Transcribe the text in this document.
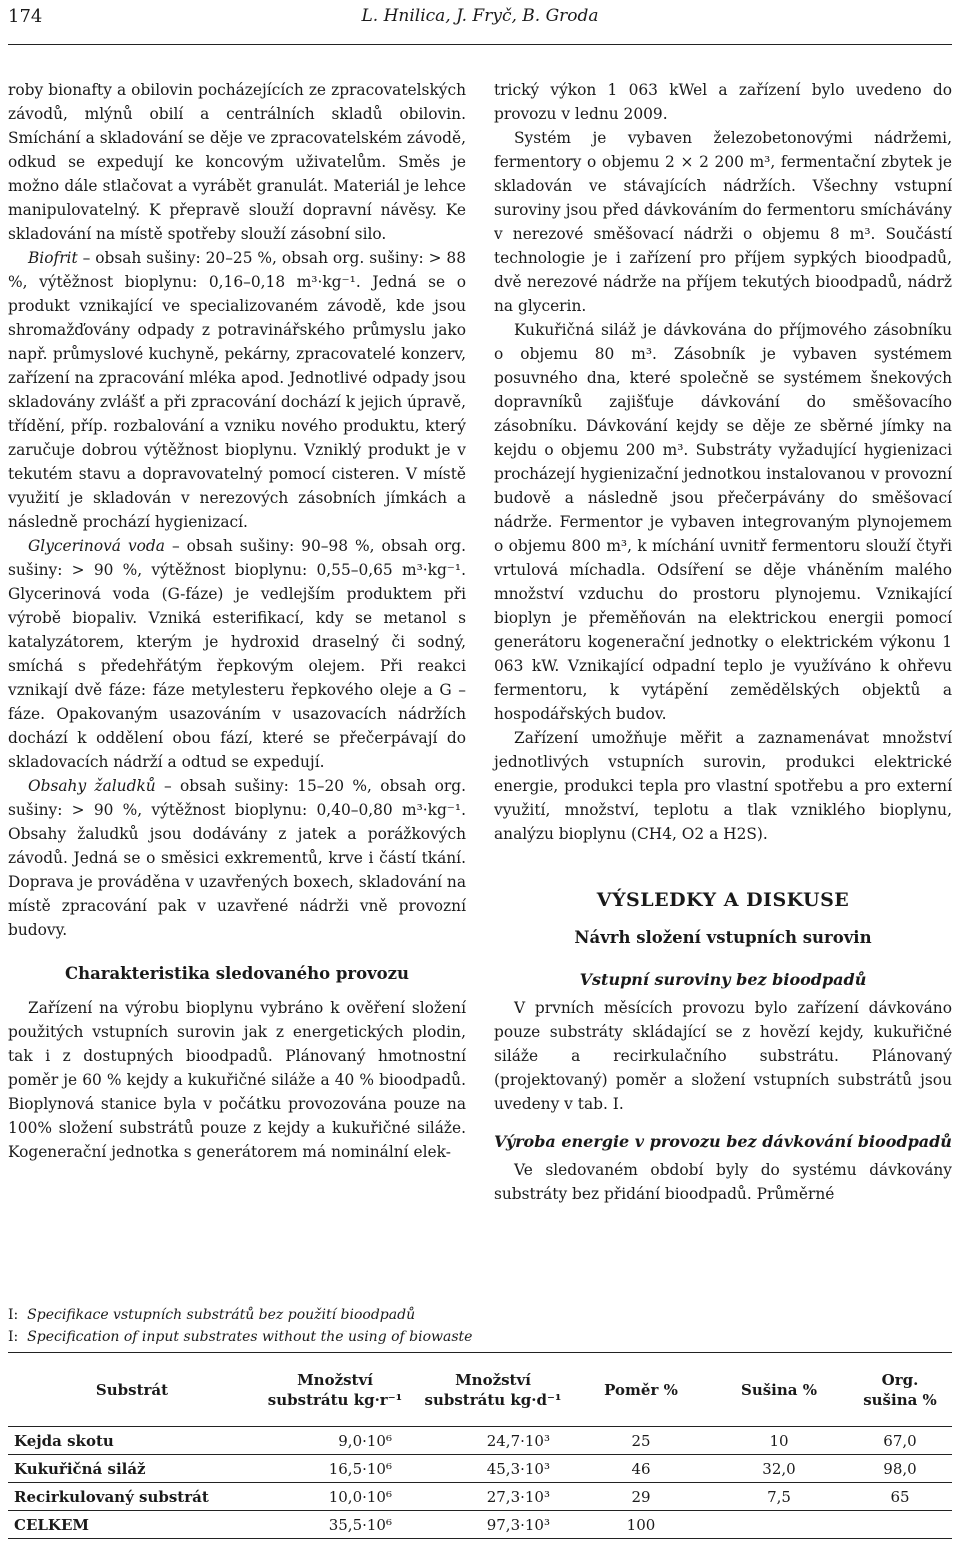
174	L. Hnilica, J. Fryč, B. Groda

roby bionafty a obilovin pocházejících ze zpracovatelských závodů, mlýnů obilí a centrálních skladů obilovin. Smíchání a skladování se děje ve zpracovatelském závodě, odkud se expedují ke koncovým uživatelům. Směs je možno dále stlačovat a vyrábět granulát. Materiál je lehce manipulovatelný. K přepravě slouží dopravní návěsy. Ke skladování na místě spotřeby slouží zásobní silo.

Biofrit – obsah sušiny: 20–25 %, obsah org. sušiny: > 88 %, výtěžnost bioplynu: 0,16–0,18 m³·kg⁻¹. Jedná se o produkt vznikající ve specializovaném závodě, kde jsou shromažďovány odpady z potravinářského průmyslu jako např. průmyslové kuchyně, pekárny, zpracovatelé konzerv, zařízení na zpracování mléka apod. Jednotlivé odpady jsou skladovány zvlášť a při zpracování dochází k jejich úpravě, třídění, příp. rozbalování a vzniku nového produktu, který zaručuje dobrou výtěžnost bioplynu. Vzniklý produkt je v tekutém stavu a dopravovatelný pomocí cisteren. V místě využití je skladován v nerezových zásobních jímkách a následně prochází hygienizací.

Glycerinová voda – obsah sušiny: 90–98 %, obsah org. sušiny: > 90 %, výtěžnost bioplynu: 0,55–0,65 m³·kg⁻¹. Glycerinová voda (G-fáze) je vedlejším produktem při výrobě biopaliv. Vzniká esterifikací, kdy se metanol s katalyzátorem, kterým je hydroxid draselný či sodný, smíchá s předehřátým řepkovým olejem. Při reakci vznikají dvě fáze: fáze metylesteru řepkového oleje a G – fáze. Opakovaným usazováním v usazovacích nádržích dochází k oddělení obou fází, které se přečerpávají do skladovacích nádrží a odtud se expedují.

Obsahy žaludků – obsah sušiny: 15–20 %, obsah org. sušiny: > 90 %, výtěžnost bioplynu: 0,40–0,80 m³·kg⁻¹. Obsahy žaludků jsou dodávány z jatek a porážkových závodů. Jedná se o směsici exkrementů, krve i částí tkání. Doprava je prováděna v uzavřených boxech, skladování na místě zpracování pak v uzavřené nádrži vně provozní budovy.

Charakteristika sledovaného provozu

Zařízení na výrobu bioplynu vybráno k ověření složení použitých vstupních surovin jak z energetických plodin, tak i z dostupných bioodpadů. Plánovaný hmotnostní poměr je 60 % kejdy a kukuřičné siláže a 40 % bioodpadů. Bioplynová stanice byla v počátku provozována pouze na 100% složení substrátů pouze z kejdy a kukuřičné siláže. Kogenerační jednotka s generátorem má nominální elek-

trický výkon 1 063 kWel a zařízení bylo uvedeno do provozu v lednu 2009.

Systém je vybaven železobetonovými nádržemi, fermentory o objemu 2 × 2 200 m³, fermentační zbytek je skladován ve stávajících nádržích. Všechny vstupní suroviny jsou před dávkováním do fermentoru smíchávány v nerezové směšovací nádrži o objemu 8 m³. Součástí technologie je i zařízení pro příjem sypkých bioodpadů, dvě nerezové nádrže na příjem tekutých bioodpadů, nádrž na glycerin.

Kukuřičná siláž je dávkována do příjmového zásobníku o objemu 80 m³. Zásobník je vybaven systémem posuvného dna, které společně se systémem šnekových dopravníků zajišťuje dávkování do směšovacího zásobníku. Dávkování kejdy se děje ze sběrné jímky na kejdu o objemu 200 m³. Substráty vyžadující hygienizaci procházejí hygienizační jednotkou instalovanou v provozní budově a následně jsou přečerpávány do směšovací nádrže. Fermentor je vybaven integrovaným plynojemem o objemu 800 m³, k míchání uvnitř fermentoru slouží čtyři vrtulová míchadla. Odsíření se děje vháněním malého množství vzduchu do prostoru plynojemu. Vznikající bioplyn je přeměňován na elektrickou energii pomocí generátoru kogenerační jednotky o elektrickém výkonu 1 063 kW. Vznikající odpadní teplo je využíváno k ohřevu fermentoru, k vytápění zemědělských objektů a hospodářských budov.

Zařízení umožňuje měřit a zaznamenávat množství jednotlivých vstupních surovin, produkci elektrické energie, produkci tepla pro vlastní spotřebu a pro externí využití, množství, teplotu a tlak vzniklého bioplynu, analýzu bioplynu (CH4, O2 a H2S).

VÝSLEDKY A DISKUSE
Návrh složení vstupních surovin
Vstupní suroviny bez bioodpadů

V prvních měsících provozu bylo zařízení dávkováno pouze substráty skládající se z hovězí kejdy, kukuřičné siláže a recirkulačního substrátu. Plánovaný (projektovaný) poměr a složení vstupních substrátů jsou uvedeny v tab. I.

Výroba energie v provozu bez dávkování bioodpadů

Ve sledovaném období byly do systému dávkovány substráty bez přidání bioodpadů. Průměrné

I: Specifikace vstupních substrátů bez použití bioodpadů
I: Specification of input substrates without the using of biowaste
Substrát	Množství substrátu kg·r⁻¹	Množství substrátu kg·d⁻¹	Poměr %	Sušina %	Org. sušina %
Kejda skotu	9,0·10⁶	24,7·10³	25	10	67,0
Kukuřičná siláž	16,5·10⁶	45,3·10³	46	32,0	98,0
Recirkulovaný substrát	10,0·10⁶	27,3·10³	29	7,5	65
CELKEM	35,5·10⁶	97,3·10³	100		
